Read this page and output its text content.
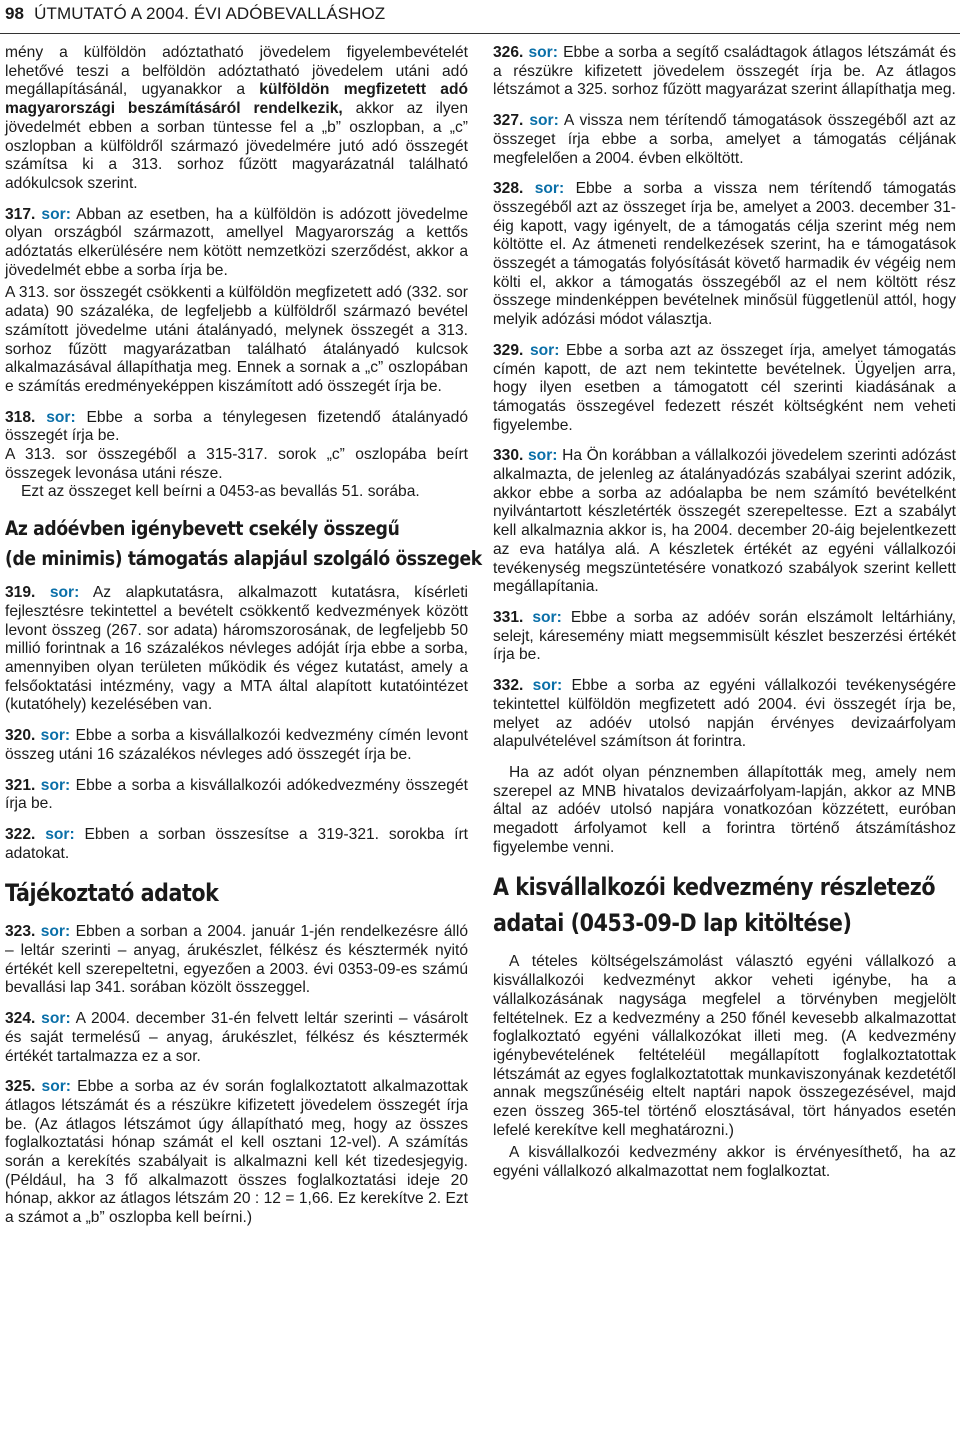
98 ÚTMUTATÓ A 2004. ÉVI ADÓBEVALLÁSHOZ

mény a külföldön adóztatható jövedelem figyelembevételét lehetővé teszi a belföldön adóztatható jövedelem utáni adó megállapításánál, ugyanakkor a külföldön megfizetett adó magyarországi beszámításáról rendelkezik, akkor az ilyen jövedelmét ebben a sorban tüntesse fel a „b” oszlopban, a „c” oszlopban a külföldről származó jövedelmére jutó adó összegét számítsa ki a 313. sorhoz fűzött magyarázatnál található adókulcsok szerint.

317. sor: Abban az esetben, ha a külföldön is adózott jövedelme olyan országból származott, amellyel Magyarország a kettős adóztatás elkerülésére nem kötött nemzetközi szerződést, akkor a jövedelmét ebbe a sorba írja be.

A 313. sor összegét csökkenti a külföldön megfizetett adó (332. sor adata) 90 százaléka, de legfeljebb a külföldről származó bevétel számított jövedelme utáni átalányadó, melynek összegét a 313. sorhoz fűzött magyarázatban található átalányadó kulcsok alkalmazásával állapíthatja meg. Ennek a sornak a „c” oszlopában e számítás eredményeképpen kiszámított adó összegét írja be.

318. sor: Ebbe a sorba a ténylegesen fizetendő átalányadó összegét írja be.

A 313. sor összegéből a 315-317. sorok „c” oszlopába beírt összegek levonása utáni része.

Ezt az összeget kell beírni a 0453-as bevallás 51. sorába.

Az adóévben igénybevett csekély összegű
(de minimis) támogatás alapjául szolgáló összegek

319. sor: Az alapkutatásra, alkalmazott kutatásra, kísérleti fejlesztésre tekintettel a bevételt csökkentő kedvezmények között levont összeg (267. sor adata) háromszorosának, de legfeljebb 50 millió forintnak a 16 százalékos névleges adóját írja ebbe a sorba, amennyiben olyan területen működik és végez kutatást, amely a felsőoktatási intézmény, vagy a MTA által alapított kutatóintézet (kutatóhely) kezelésében van.

320. sor: Ebbe a sorba a kisvállalkozói kedvezmény címén levont összeg utáni 16 százalékos névleges adó összegét írja be.

321. sor: Ebbe a sorba a kisvállalkozói adókedvezmény összegét írja be.

322. sor: Ebben a sorban összesítse a 319-321. sorokba írt adatokat.

Tájékoztató adatok

323. sor: Ebben a sorban a 2004. január 1-jén rendelkezésre álló – leltár szerinti – anyag, árukészlet, félkész és késztermék nyitó értékét kell szerepeltetni, egyezően a 2003. évi 0353-09-es számú bevallási lap 341. sorában közölt összeggel.

324. sor: A 2004. december 31-én felvett leltár szerinti – vásárolt és saját termelésű – anyag, árukészlet, félkész és késztermék értékét tartalmazza ez a sor.

325. sor: Ebbe a sorba az év során foglalkoztatott alkalmazottak átlagos létszámát és a részükre kifizetett jövedelem összegét írja be. (Az átlagos létszámot úgy állapítható meg, hogy az összes foglalkoztatási hónap számát el kell osztani 12-vel). A számítás során a kerekítés szabályait is alkalmazni kell két tizedesjegyig. (Például, ha 3 fő alkalmazott összes foglalkoztatási ideje 20 hónap, akkor az átlagos létszám 20 : 12 = 1,66. Ez kerekítve 2. Ezt a számot a „b” oszlopba kell beírni.)

326. sor: Ebbe a sorba a segítő családtagok átlagos létszámát és a részükre kifizetett jövedelem összegét írja be. Az átlagos létszámot a 325. sorhoz fűzött magyarázat szerint állapíthatja meg.

327. sor: A vissza nem térítendő támogatások összegéből azt az összeget írja ebbe a sorba, amelyet a támogatás céljának megfelelően a 2004. évben elköltött.

328. sor: Ebbe a sorba a vissza nem térítendő támogatás összegéből azt az összeget írja be, amelyet a 2003. december 31-éig kapott, vagy igényelt, de a támogatás célja szerint még nem költötte el. Az átmeneti rendelkezések szerint, ha e támogatások összegét a támogatás folyósítását követő harmadik év végéig nem költi el, akkor a támogatás összegéből az el nem költött rész összege mindenképpen bevételnek minősül függetlenül attól, hogy melyik adózási módot választja.

329. sor: Ebbe a sorba azt az összeget írja, amelyet támogatás címén kapott, de azt nem tekintette bevételnek. Ügyeljen arra, hogy ilyen esetben a támogatott cél szerinti kiadásának a támogatás összegével fedezett részét költségként nem veheti figyelembe.

330. sor: Ha Ön korábban a vállalkozói jövedelem szerinti adózást alkalmazta, de jelenleg az átalányadózás szabályai szerint adózik, akkor ebbe a sorba az adóalapba be nem számító bevételként nyilvántartott készletérték összegét szerepeltesse. Ezt a szabályt kell alkalmaznia akkor is, ha 2004. december 20-áig bejelentkezett az eva hatálya alá. A készletek értékét az egyéni vállalkozói tevékenység megszüntetésére vonatkozó szabályok szerint kellett megállapítania.

331. sor: Ebbe a sorba az adóév során elszámolt leltárhiány, selejt, káresemény miatt megsemmisült készlet beszerzési értékét írja be.

332. sor: Ebbe a sorba az egyéni vállalkozói tevékenységére tekintettel külföldön megfizetett adó 2004. évi összegét írja be, melyet az adóév utolsó napján érvényes devizaárfolyam alapulvételével számítson át forintra.

Ha az adót olyan pénznemben állapították meg, amely nem szerepel az MNB hivatalos devizaárfolyam-lapján, akkor az MNB által az adóév utolsó napjára vonatkozóan közzétett, euróban megadott árfolyamot kell a forintra történő átszámításhoz figyelembe venni.

A kisvállalkozói kedvezmény részletező
adatai (0453-09-D lap kitöltése)

A tételes költségelszámolást választó egyéni vállalkozó a kisvállalkozói kedvezményt akkor veheti igénybe, ha a vállalkozásának nagysága megfelel a törvényben megjelölt feltételnek. Ez a kedvezmény a 250 főnél kevesebb alkalmazottat foglalkoztató egyéni vállalkozókat illeti meg. (A kedvezmény igénybevételének feltételéül megállapított foglalkoztatottak létszámát az egyes foglalkoztatottak munkaviszonyának kezdetétől annak megszűnéséig eltelt naptári napok összegezésével, majd ezen összeg 365-tel történő elosztásával, tört hányados esetén lefelé kerekítve kell meghatározni.)

A kisvállalkozói kedvezmény akkor is érvényesíthető, ha az egyéni vállalkozó alkalmazottat nem foglalkoztat.
